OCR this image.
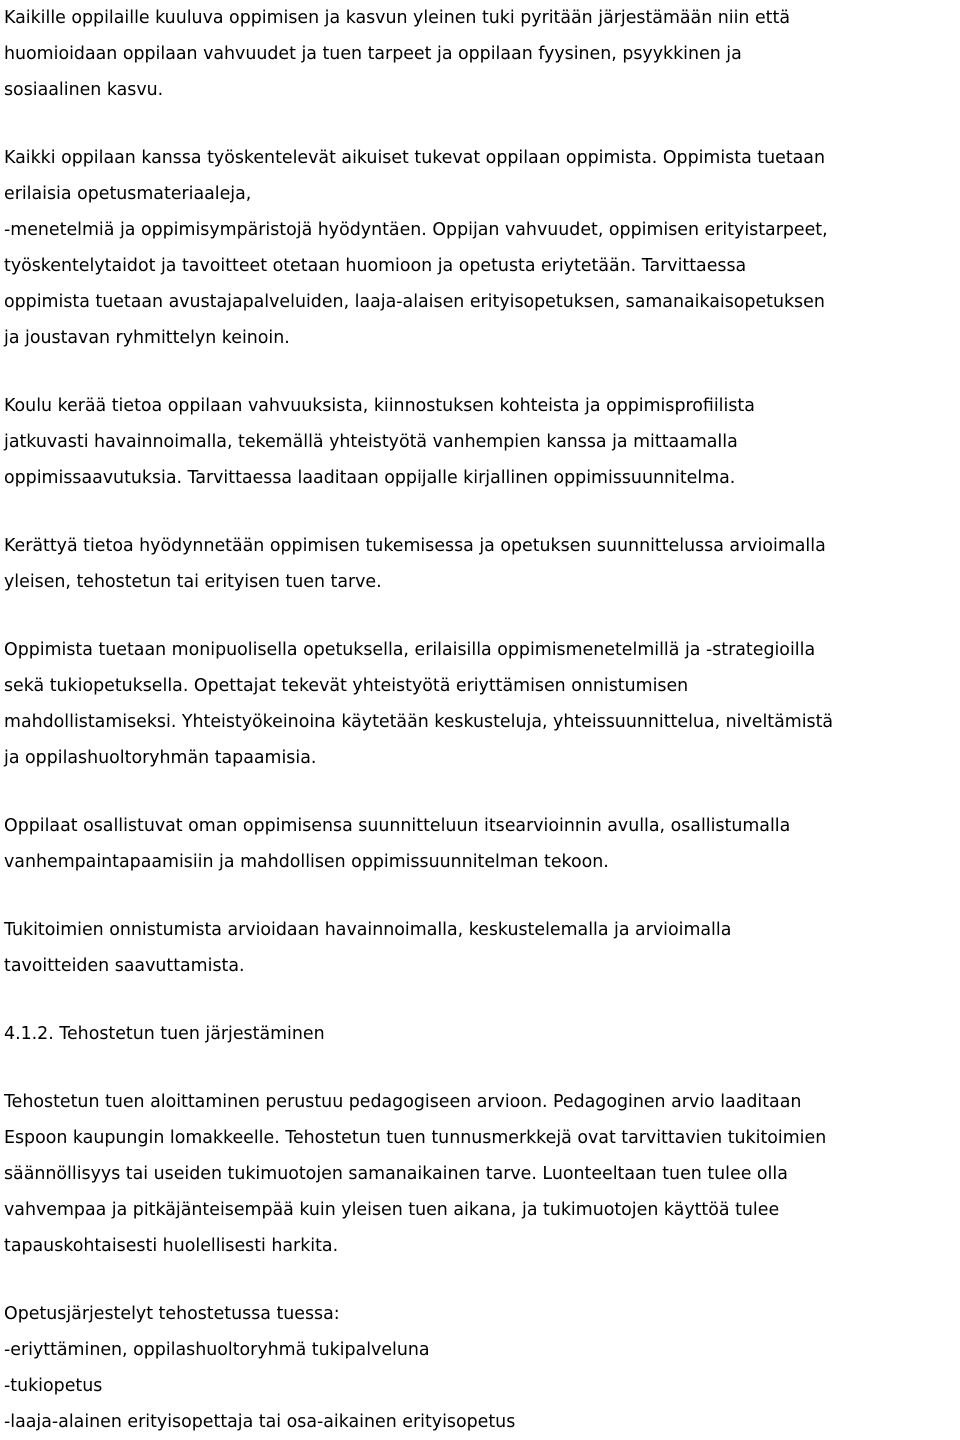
Kaikille oppilaille kuuluva oppimisen ja kasvun yleinen tuki pyritään järjestämään niin että
huomioidaan oppilaan vahvuudet ja tuen tarpeet ja oppilaan fyysinen, psyykkinen ja
sosiaalinen kasvu.
Kaikki oppilaan kanssa työskentelevät aikuiset tukevat oppilaan oppimista. Oppimista tuetaan
erilaisia opetusmateriaaleja,
-menetelmiä ja oppimisympäristojä hyödyntäen. Oppijan vahvuudet, oppimisen erityistarpeet,
työskentelytaidot ja tavoitteet otetaan huomioon ja opetusta eriytetään. Tarvittaessa
oppimista tuetaan avustajapalveluiden, laaja-alaisen erityisopetuksen, samanaikaisopetuksen
ja joustavan ryhmittelyn keinoin.
Koulu kerää tietoa oppilaan vahvuuksista, kiinnostuksen kohteista ja oppimisprofiilista
jatkuvasti havainnoimalla, tekemällä yhteistyötä vanhempien kanssa ja mittaamalla
oppimissaavutuksia. Tarvittaessa laaditaan oppijalle kirjallinen oppimissuunnitelma.
Kerättyä tietoa hyödynnetään oppimisen tukemisessa ja opetuksen suunnittelussa arvioimalla
yleisen, tehostetun tai erityisen tuen tarve.
Oppimista tuetaan monipuolisella opetuksella, erilaisilla oppimismenetelmillä ja -strategioilla
sekä tukiopetuksella. Opettajat tekevät yhteistyötä eriyttämisen onnistumisen
mahdollistamiseksi. Yhteistyökeinoina käytetään keskusteluja, yhteissuunnittelua, niveltämistä
ja oppilashuoltoryhmän tapaamisia.
Oppilaat osallistuvat oman oppimisensa suunnitteluun itsearvioinnin avulla, osallistumalla
vanhempaintapaamisiin ja mahdollisen oppimissuunnitelman tekoon.
Tukitoimien onnistumista arvioidaan havainnoimalla, keskustelemalla ja arvioimalla
tavoitteiden saavuttamista.
4.1.2. Tehostetun tuen järjestäminen
Tehostetun tuen aloittaminen perustuu pedagogiseen arvioon. Pedagoginen arvio laaditaan
Espoon kaupungin lomakkeelle. Tehostetun tuen tunnusmerkkejä ovat tarvittavien tukitoimien
säännöllisyys tai useiden tukimuotojen samanaikainen tarve. Luonteeltaan tuen tulee olla
vahvempaa ja pitkäjänteisempää kuin yleisen tuen aikana, ja tukimuotojen käyttöä tulee
tapauskohtaisesti huolellisesti harkita.
Opetusjärjestelyt tehostetussa tuessa:
-eriyttäminen, oppilashuoltoryhmä tukipalveluna
-tukiopetus
-laaja-alainen erityisopettaja tai osa-aikainen erityisopetus
